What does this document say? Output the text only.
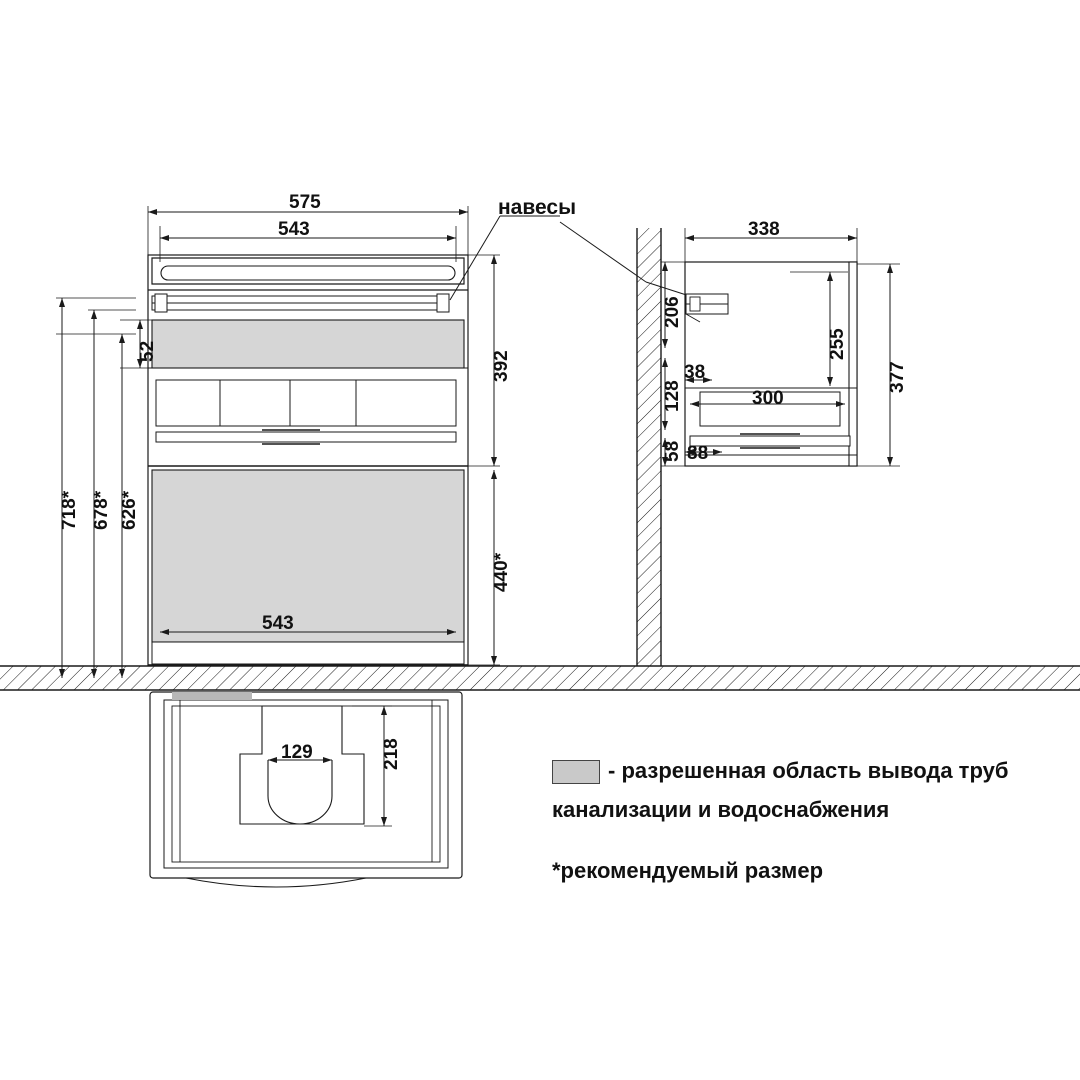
575
543
543
52	392
440*
626*
678*
718*
навесы
338
377
255
206
128
58
38
300
88
129	218
- разрешенная область вывода труб
канализации и водоснабжения
*рекомендуемый размер
